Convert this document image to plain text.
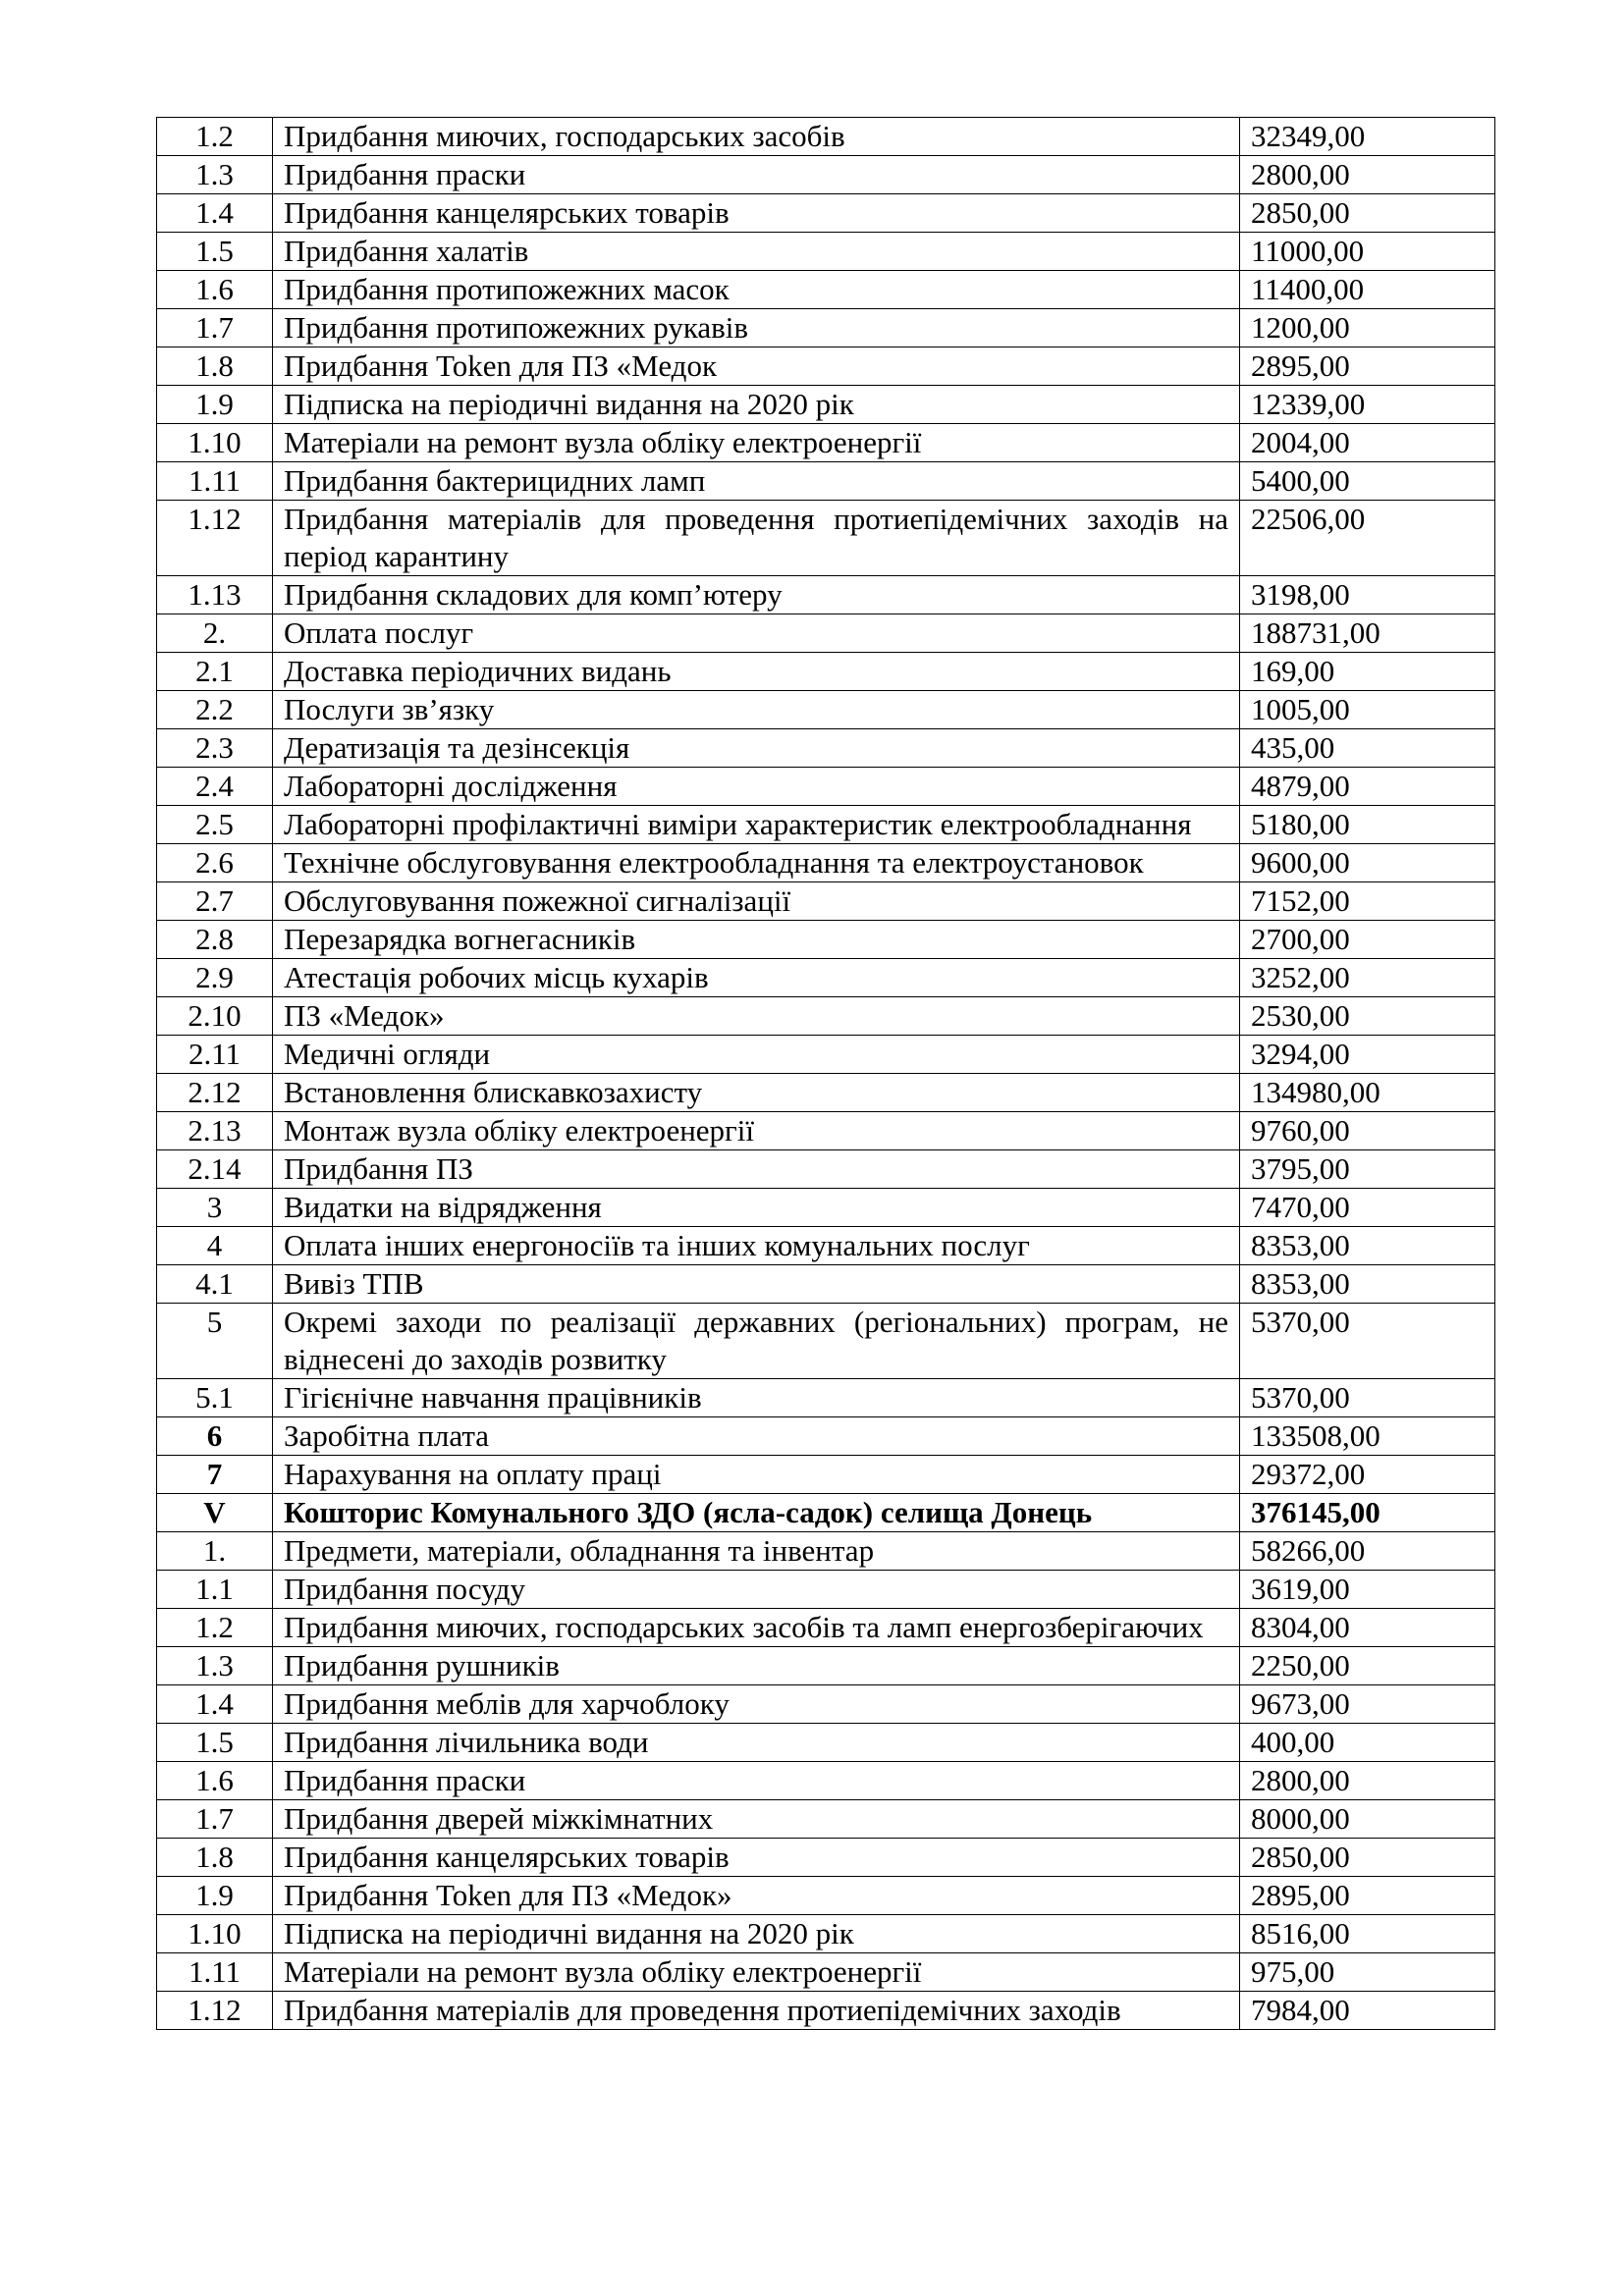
1.2	Придбання миючих, господарських засобів	32349,00
1.3	Придбання праски	2800,00
1.4	Придбання канцелярських товарів	2850,00
1.5	Придбання халатів	11000,00
1.6	Придбання протипожежних масок	11400,00
1.7	Придбання протипожежних рукавів	1200,00
1.8	Придбання Token для ПЗ «Медок	2895,00
1.9	Підписка на періодичні видання на 2020 рік	12339,00
1.10	Матеріали на ремонт вузла обліку електроенергії	2004,00
1.11	Придбання бактерицидних ламп	5400,00
1.12	Придбання матеріалів для проведення протиепідемічних заходів на період карантину	22506,00
1.13	Придбання складових для комп’ютеру	3198,00
2.	Оплата послуг	188731,00
2.1	Доставка періодичних видань	169,00
2.2	Послуги зв’язку	1005,00
2.3	Дератизація та дезінсекція	435,00
2.4	Лабораторні дослідження	4879,00
2.5	Лабораторні профілактичні виміри характеристик електрообладнання	5180,00
2.6	Технічне обслуговування електрообладнання та електроустановок	9600,00
2.7	Обслуговування пожежної сигналізації	7152,00
2.8	Перезарядка вогнегасників	2700,00
2.9	Атестація робочих місць кухарів	3252,00
2.10	ПЗ «Медок»	2530,00
2.11	Медичні огляди	3294,00
2.12	Встановлення блискавкозахисту	134980,00
2.13	Монтаж вузла обліку електроенергії	9760,00
2.14	Придбання ПЗ	3795,00
3	Видатки на відрядження	7470,00
4	Оплата інших енергоносіїв та інших комунальних послуг	8353,00
4.1	Вивіз ТПВ	8353,00
5	Окремі заходи по реалізації державних (регіональних) програм, не віднесені до заходів розвитку	5370,00
5.1	Гігієнічне навчання працівників	5370,00
6	Заробітна плата	133508,00
7	Нарахування на оплату праці	29372,00
V	Кошторис Комунального ЗДО (ясла-садок) селища Донець	376145,00
1.	Предмети, матеріали, обладнання та інвентар	58266,00
1.1	Придбання посуду	3619,00
1.2	Придбання миючих, господарських засобів та ламп енергозберігаючих	8304,00
1.3	Придбання рушників	2250,00
1.4	Придбання меблів для харчоблоку	9673,00
1.5	Придбання лічильника води	400,00
1.6	Придбання праски	2800,00
1.7	Придбання дверей міжкімнатних	8000,00
1.8	Придбання канцелярських товарів	2850,00
1.9	Придбання Token для ПЗ «Медок»	2895,00
1.10	Підписка на періодичні видання на 2020 рік	8516,00
1.11	Матеріали на ремонт вузла обліку електроенергії	975,00
1.12	Придбання матеріалів для проведення протиепідемічних заходів	7984,00
